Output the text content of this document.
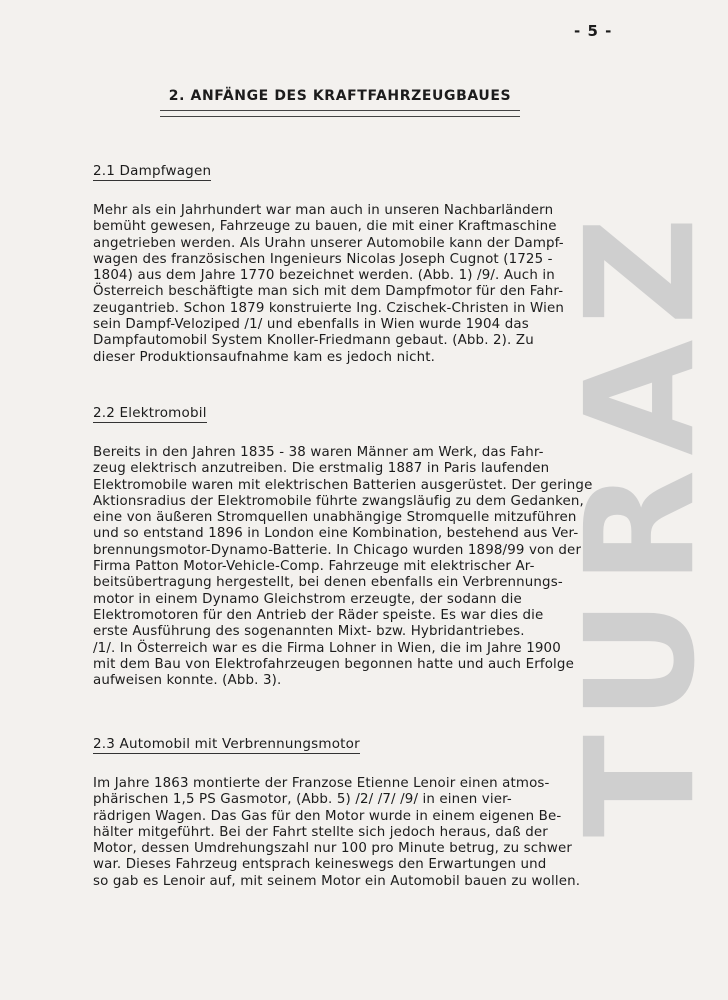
TURAZ
- 5 -
2. ANFÄNGE DES KRAFTFAHRZEUGBAUES
2.1 Dampfwagen
Mehr als ein Jahrhundert war man auch in unseren Nachbarländern
bemüht gewesen, Fahrzeuge zu bauen, die mit einer Kraftmaschine
angetrieben werden. Als Urahn unserer Automobile kann der Dampf-
wagen des französischen Ingenieurs Nicolas Joseph Cugnot (1725 -
1804) aus dem Jahre 1770 bezeichnet werden. (Abb. 1) /9/. Auch in
Österreich beschäftigte man sich mit dem Dampfmotor für den Fahr-
zeugantrieb. Schon 1879 konstruierte Ing. Czischek-Christen in Wien
sein Dampf-Veloziped /1/ und ebenfalls in Wien wurde 1904 das
Dampfautomobil System Knoller-Friedmann gebaut. (Abb. 2). Zu
dieser Produktionsaufnahme kam es jedoch nicht.
2.2 Elektromobil
Bereits in den Jahren 1835 - 38 waren Männer am Werk, das Fahr-
zeug elektrisch anzutreiben. Die erstmalig 1887 in Paris laufenden
Elektromobile waren mit elektrischen Batterien ausgerüstet. Der geringe
Aktionsradius der Elektromobile führte zwangsläufig zu dem Gedanken,
eine von äußeren Stromquellen unabhängige Stromquelle mitzuführen
und so entstand 1896 in London eine Kombination, bestehend aus Ver-
brennungsmotor-Dynamo-Batterie. In Chicago wurden 1898/99 von der
Firma Patton Motor-Vehicle-Comp. Fahrzeuge mit elektrischer Ar-
beitsübertragung hergestellt, bei denen ebenfalls ein Verbrennungs-
motor in einem Dynamo Gleichstrom erzeugte, der sodann die
Elektromotoren für den Antrieb der Räder speiste. Es war dies die
erste Ausführung des sogenannten Mixt- bzw. Hybridantriebes.
/1/. In Österreich war es die Firma Lohner in Wien, die im Jahre 1900
mit dem Bau von Elektrofahrzeugen begonnen hatte und auch Erfolge
aufweisen konnte. (Abb. 3).
2.3 Automobil mit Verbrennungsmotor
Im Jahre 1863 montierte der Franzose Etienne Lenoir einen atmos-
phärischen 1,5 PS Gasmotor, (Abb. 5) /2/ /7/ /9/ in einen vier-
rädrigen Wagen. Das Gas für den Motor wurde in einem eigenen Be-
hälter mitgeführt. Bei der Fahrt stellte sich jedoch heraus, daß der
Motor, dessen Umdrehungszahl nur 100 pro Minute betrug, zu schwer
war. Dieses Fahrzeug entsprach keineswegs den Erwartungen und
so gab es Lenoir auf, mit seinem Motor ein Automobil bauen zu wollen.
